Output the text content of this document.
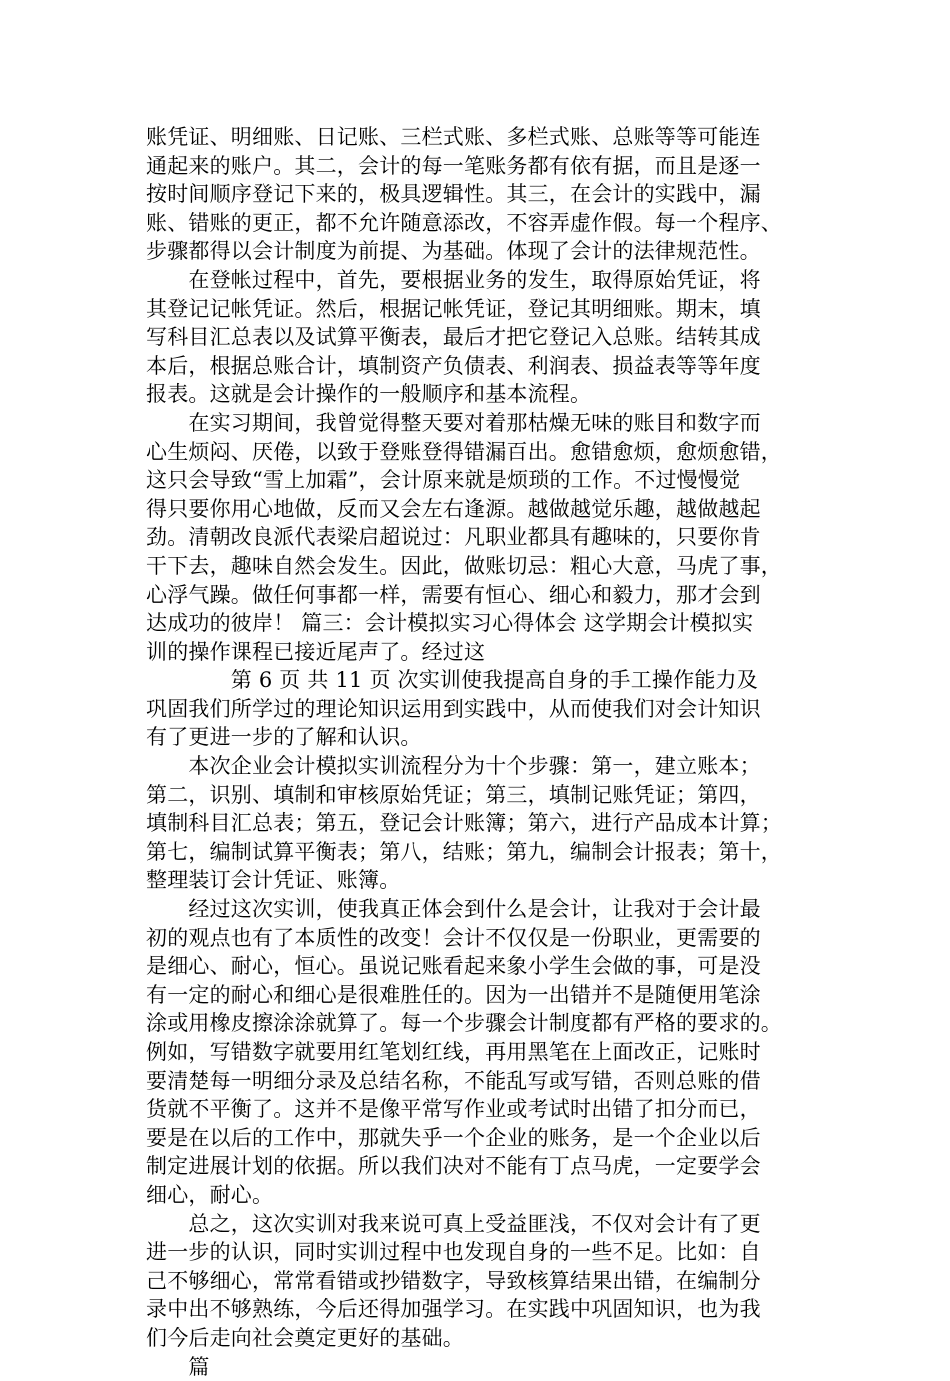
账凭证、明细账、日记账、三栏式账、多栏式账、总账等等可能连
通起来的账户。其二，会计的每一笔账务都有依有据，而且是逐一
按时间顺序登记下来的，极具逻辑性。其三，在会计的实践中，漏
账、错账的更正，都不允许随意添改，不容弄虚作假。每一个程序、
步骤都得以会计制度为前提、为基础。体现了会计的法律规范性。

　　在登帐过程中，首先，要根据业务的发生，取得原始凭证，将
其登记记帐凭证。然后，根据记帐凭证，登记其明细账。期末，填
写科目汇总表以及试算平衡表，最后才把它登记入总账。结转其成
本后，根据总账合计，填制资产负债表、利润表、损益表等等年度
报表。这就是会计操作的一般顺序和基本流程。

　　在实习期间，我曾觉得整天要对着那枯燥无味的账目和数字而
心生烦闷、厌倦，以致于登账登得错漏百出。愈错愈烦，愈烦愈错，
这只会导致“雪上加霜”，会计原来就是烦琐的工作。不过慢慢觉
得只要你用心地做，反而又会左右逢源。越做越觉乐趣，越做越起
劲。清朝改良派代表梁启超说过：凡职业都具有趣味的，只要你肯
干下去，趣味自然会发生。因此，做账切忌：粗心大意，马虎了事，
心浮气躁。做任何事都一样，需要有恒心、细心和毅力，那才会到
达成功的彼岸！ 篇三：会计模拟实习心得体会 这学期会计模拟实
训的操作课程已接近尾声了。经过这

　　　　第 6 页 共 11 页 次实训使我提高自身的手工操作能力及
巩固我们所学过的理论知识运用到实践中，从而使我们对会计知识
有了更进一步的了解和认识。

　　本次企业会计模拟实训流程分为十个步骤：第一，建立账本；
第二，识别、填制和审核原始凭证；第三，填制记账凭证；第四，
填制科目汇总表；第五，登记会计账簿；第六，进行产品成本计算；
第七，编制试算平衡表；第八，结账；第九，编制会计报表；第十，
整理装订会计凭证、账簿。

　　经过这次实训，使我真正体会到什么是会计，让我对于会计最
初的观点也有了本质性的改变！会计不仅仅是一份职业，更需要的
是细心、耐心，恒心。虽说记账看起来象小学生会做的事，可是没
有一定的耐心和细心是很难胜任的。因为一出错并不是随便用笔涂
涂或用橡皮擦涂涂就算了。每一个步骤会计制度都有严格的要求的。
例如，写错数字就要用红笔划红线，再用黑笔在上面改正，记账时
要清楚每一明细分录及总结名称，不能乱写或写错，否则总账的借
货就不平衡了。这并不是像平常写作业或考试时出错了扣分而已，
要是在以后的工作中，那就失乎一个企业的账务，是一个企业以后
制定进展计划的依据。所以我们决对不能有丁点马虎，一定要学会
细心，耐心。

　　总之，这次实训对我来说可真上受益匪浅，不仅对会计有了更
进一步的认识，同时实训过程中也发现自身的一些不足。比如：自
己不够细心，常常看错或抄错数字，导致核算结果出错，在编制分
录中出不够熟练，今后还得加强学习。在实践中巩固知识，也为我
们今后走向社会奠定更好的基础。

　　篇
